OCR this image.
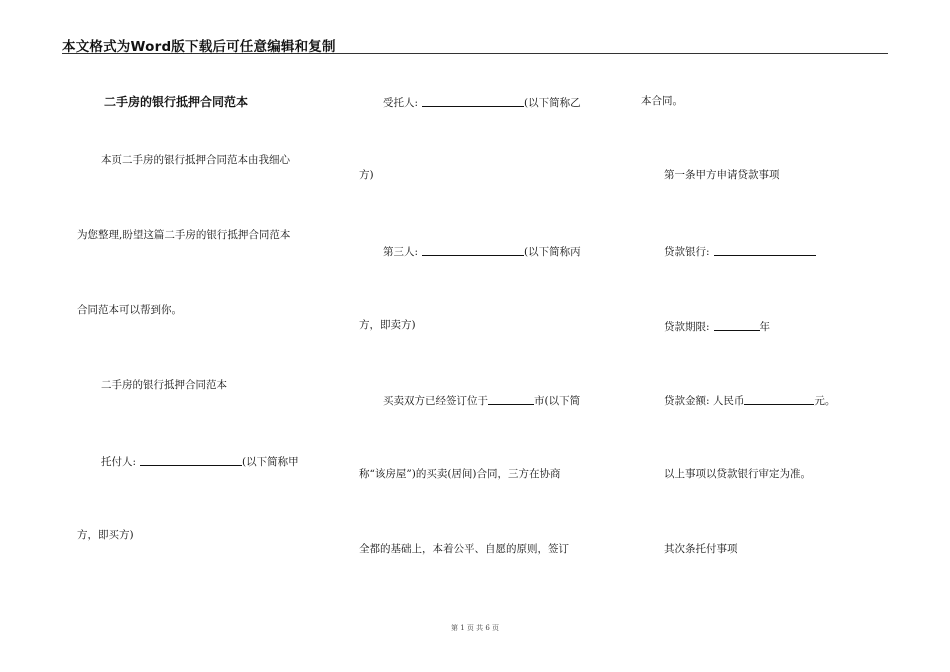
本文格式为Word版下载后可任意编辑和复制
二手房的银行抵押合同范本
本页二手房的银行抵押合同范本由我细心
为您整理,盼望这篇二手房的银行抵押合同范本
合同范本可以帮到你。
二手房的银行抵押合同范本
托付人:	(以下简称甲
方，即买方)
受托人:	(以下简称乙
方)
第三人:	(以下简称丙
方，即卖方)
买卖双方已经签订位于	市(以下简
称“该房屋”)的买卖(居间)合同，三方在协商
全都的基础上，本着公平、自愿的原则，签订
本合同。
第一条甲方申请贷款事项
贷款银行:
贷款期限:	年
贷款金额: 人民币	元。
以上事项以贷款银行审定为准。
其次条托付事项
第 1 页 共 6 页
